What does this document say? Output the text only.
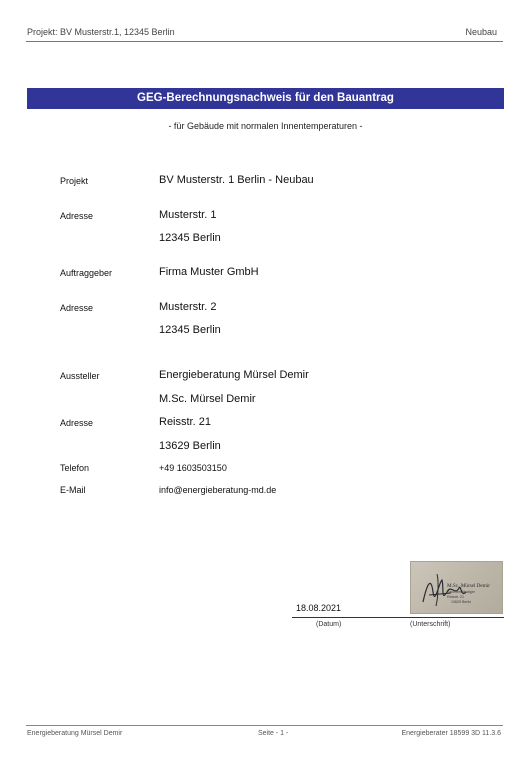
Projekt: BV Musterstr.1, 12345 Berlin	Neubau
GEG-Berechnungsnachweis für den Bauantrag
- für Gebäude mit normalen Innentemperaturen -
Projekt	BV Musterstr. 1 Berlin - Neubau
Adresse	Musterstr. 1
12345 Berlin
Auftraggeber	Firma Muster GmbH
Adresse	Musterstr. 2
12345 Berlin
Aussteller	Energieberatung Mürsel Demir
M.Sc. Mürsel Demir
Adresse	Reisstr. 21
13629 Berlin
Telefon	+49 1603503150
E-Mail	info@energieberatung-md.de
M.Sc. Mürsel Demir
Sachverständiger
Reisstr. 21
13629 Berlin
18.08.2021
(Datum)	(Unterschrift)
Energieberatung Mürsel Demir	Seite - 1 -	Energieberater 18599 3D 11.3.6
